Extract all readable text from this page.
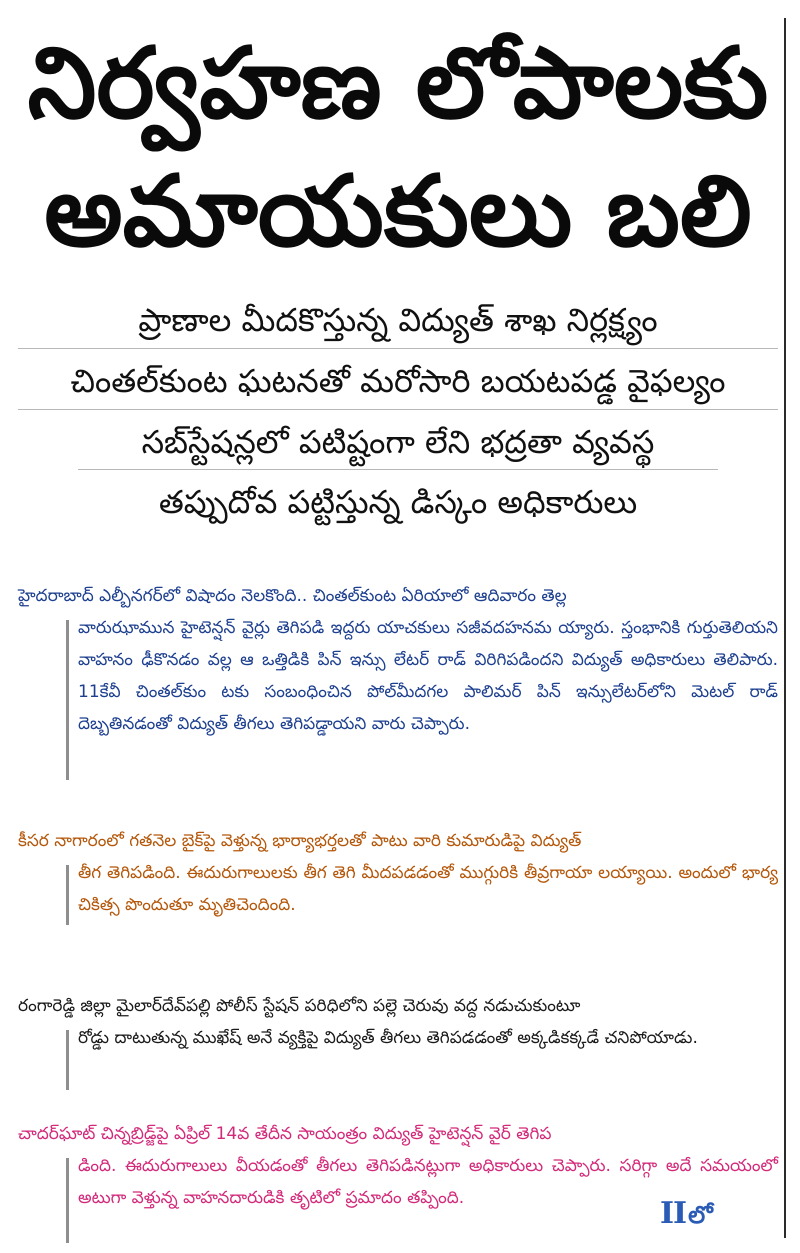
నిర్వహణ లోపాలకు
అమాయకులు బలి
ప్రాణాల మీదకొస్తున్న విద్యుత్ శాఖ నిర్లక్ష్యం
చింతల్‌కుంట ఘటనతో మరోసారి బయటపడ్డ వైఫల్యం
సబ్‌స్టేషన్లలో పటిష్టంగా లేని భద్రతా వ్యవస్థ
తప్పుదోవ పట్టిస్తున్న డిస్కం అధికారులు

హైదరాబాద్ ఎల్బీనగర్‌లో విషాదం నెలకొంది.. చింతల్‌కుంట ఏరియాలో ఆదివారం తెల్ల

వారుఝామున హైటెన్షన్ వైర్లు తెగిపడి ఇద్దరు యాచకులు సజీవదహనమ య్యారు. స్తంభానికి గుర్తుతెలియని వాహనం ఢీకొనడం వల్ల ఆ ఒత్తిడికి పిన్ ఇన్సు లేటర్ రాడ్ విరిగిపడిందని విద్యుత్ అధికారులు తెలిపారు. 11కేవీ చింతల్‌కుం టకు సంబంధించిన పోల్‌మీదగల పాలిమర్ పిన్ ఇన్సులేటర్‌లోని మెటల్ రాడ్ దెబ్బతినడంతో విద్యుత్ తీగలు తెగిపడ్డాయని వారు చెప్పారు.

కీసర నాగారంలో గతనెల బైక్‌పై వెళ్తున్న భార్యాభర్తలతో పాటు వారి కుమారుడిపై విద్యుత్

తీగ తెగిపడింది. ఈదురుగాలులకు తీగ తెగి మీదపడడంతో ముగ్గురికి తీవ్రగాయా లయ్యాయి. అందులో భార్య చికిత్స పొందుతూ మృతిచెందింది.

రంగారెడ్డి జిల్లా మైలార్‌దేవ్‌పల్లి పోలీస్ స్టేషన్ పరిధిలోని పల్లె చెరువు వద్ద నడుచుకుంటూ

రోడ్డు దాటుతున్న ముఖేష్ అనే వ్యక్తిపై విద్యుత్ తీగలు తెగిపడడంతో అక్కడికక్కడే చనిపోయాడు.

చాదర్‌ఘాట్ చిన్నబ్రిడ్జ్‌పై ఏప్రిల్ 14వ తేదీన సాయంత్రం విద్యుత్ హైటెన్షన్ వైర్ తెగిప

డింది. ఈదురుగాలులు వీయడంతో తీగలు తెగిపడినట్లుగా అధికారులు చెప్పారు. సరిగ్గా అదే సమయంలో అటుగా వెళ్తున్న వాహనదారుడికి తృటిలో ప్రమాదం తప్పింది.	II లో
